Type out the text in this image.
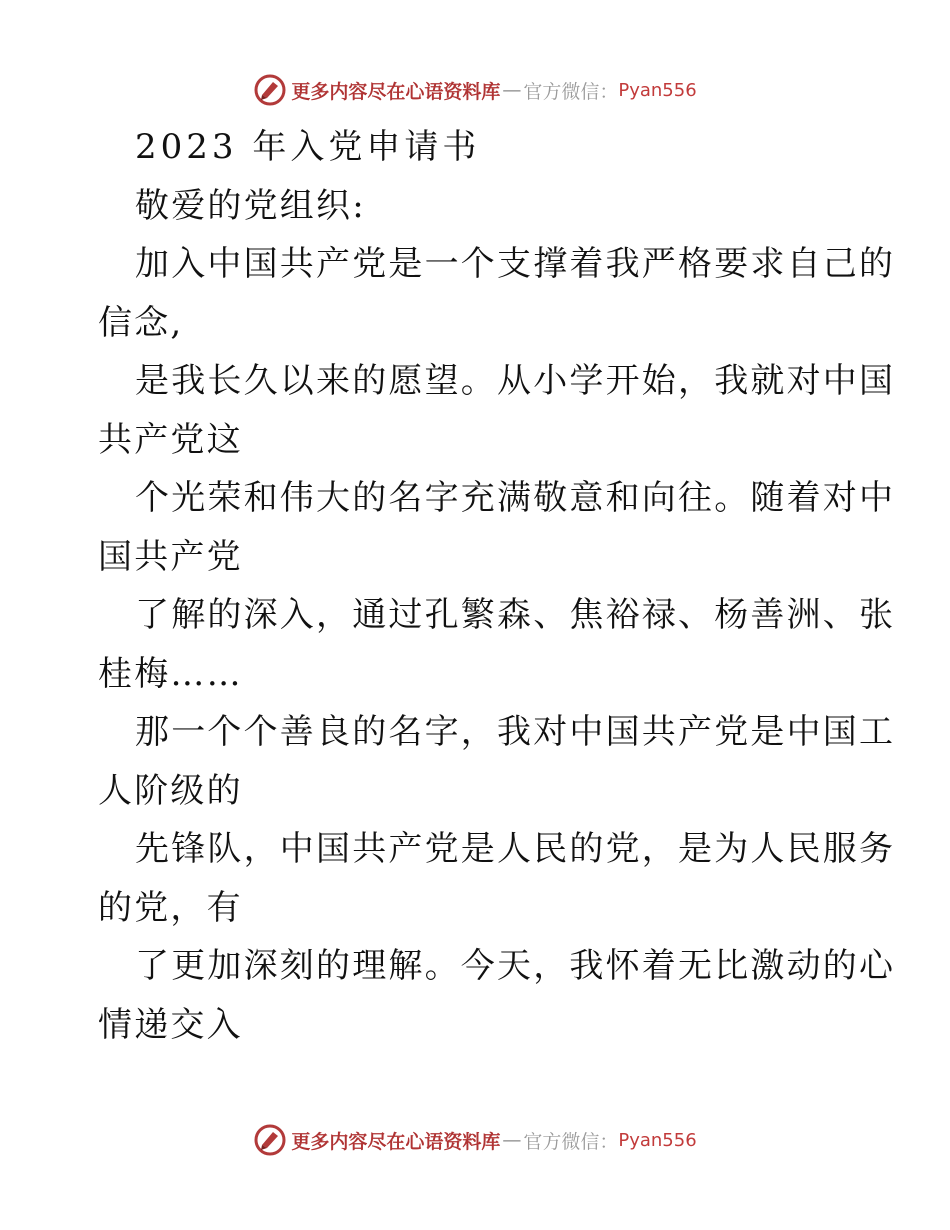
更多内容尽在心语资料库 — 官方微信： Pyan556
2023 年入党申请书
敬爱的党组织:
加入中国共产党是一个支撑着我严格要求自己的
信念,
是我长久以来的愿望。从小学开始，我就对中国
共产党这
个光荣和伟大的名字充满敬意和向往。随着对中
国共产党
了解的深入，通过孔繁森、焦裕禄、杨善洲、张
桂梅……
那一个个善良的名字，我对中国共产党是中国工
人阶级的
先锋队，中国共产党是人民的党，是为人民服务
的党，有
了更加深刻的理解。今天，我怀着无比激动的心
情递交入
更多内容尽在心语资料库 — 官方微信： Pyan556
